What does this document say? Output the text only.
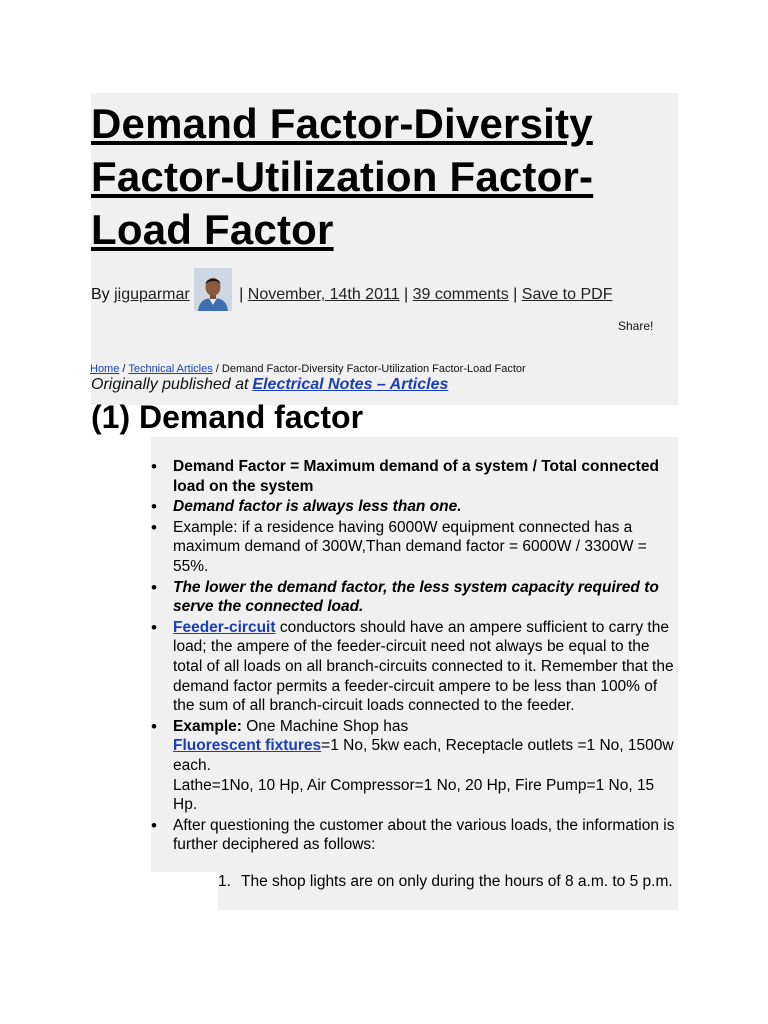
Demand Factor-Diversity
Factor-Utilization Factor-
Load Factor
By jiguparmar	| November, 14th 2011 | 39 comments | Save to PDF
Share!
Home / Technical Articles / Demand Factor-Diversity Factor-Utilization Factor-Load Factor
Originally published at Electrical Notes – Articles
(1) Demand factor
• Demand Factor = Maximum demand of a system / Total connected load on the system
• Demand factor is always less than one.
• Example: if a residence having 6000W equipment connected has a maximum demand of 300W,Than demand factor = 6000W / 3300W = 55%.
• The lower the demand factor, the less system capacity required to serve the connected load.
• Feeder-circuit conductors should have an ampere sufficient to carry the load; the ampere of the feeder-circuit need not always be equal to the total of all loads on all branch-circuits connected to it. Remember that the demand factor permits a feeder-circuit ampere to be less than 100% of the sum of all branch-circuit loads connected to the feeder.
• Example: One Machine Shop has
Fluorescent fixtures=1 No, 5kw each, Receptacle outlets =1 No, 1500w each.
Lathe=1No, 10 Hp, Air Compressor=1 No, 20 Hp, Fire Pump=1 No, 15 Hp.
• After questioning the customer about the various loads, the information is further deciphered as follows:
1. The shop lights are on only during the hours of 8 a.m. to 5 p.m.
